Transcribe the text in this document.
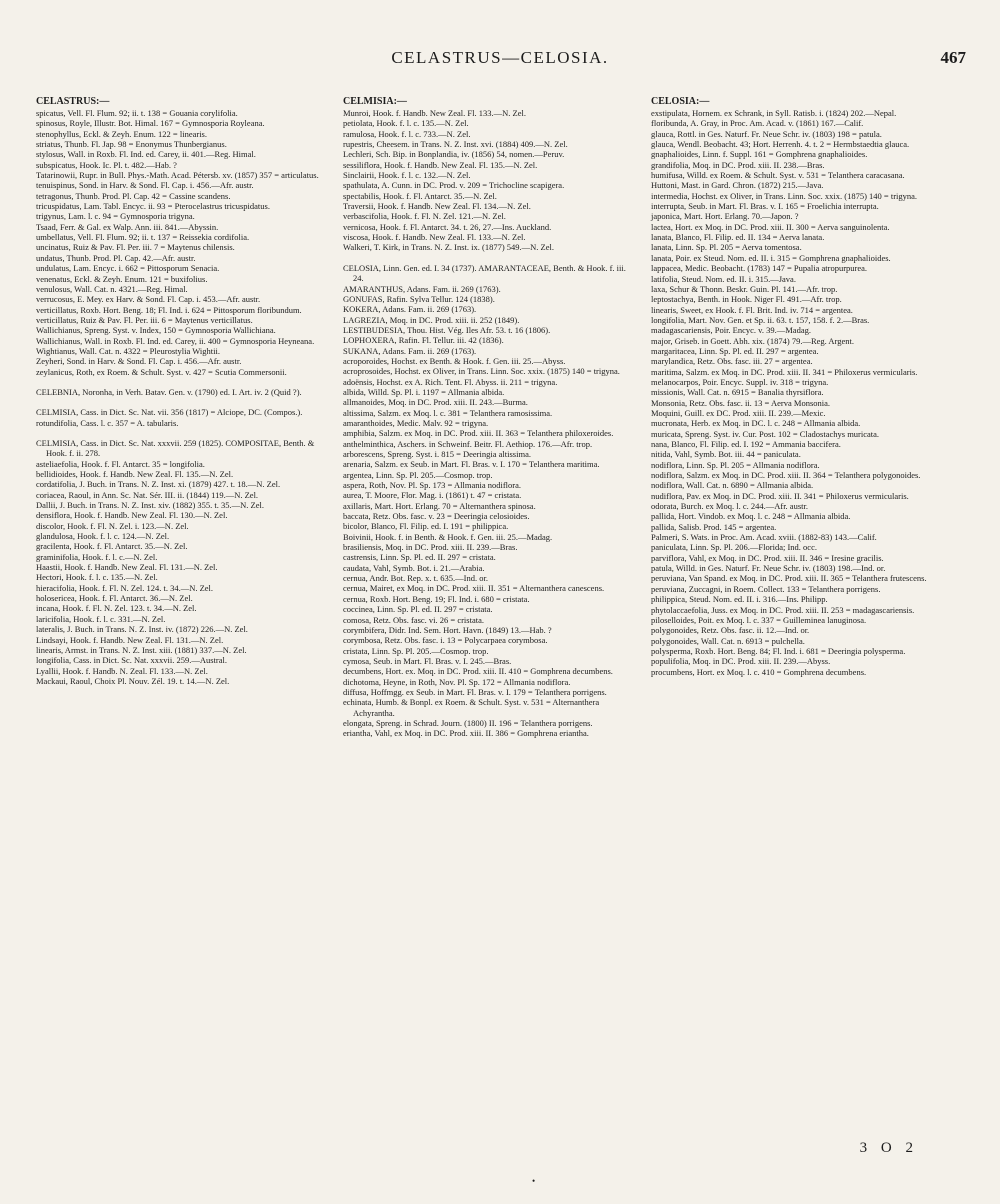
CELASTRUS—CELOSIA.	467

CELASTRUS:—

spicatus, Vell. Fl. Flum. 92; ii. t. 138 = Gouania corylifolia.

spinosus, Royle, Illustr. Bot. Himal. 167 = Gymnosporia Royleana.

stenophyllus, Eckl. & Zeyh. Enum. 122 = linearis.

striatus, Thunb. Fl. Jap. 98 = Enonymus Thunbergianus.

stylosus, Wall. in Roxb. Fl. Ind. ed. Carey, ii. 401.—Reg. Himal.

subspicatus, Hook. Ic. Pl. t. 482.—Hab. ?

Tatarinowii, Rupr. in Bull. Phys.-Math. Acad. Pétersb. xv. (1857) 357 = articulatus.

tenuispinus, Sond. in Harv. & Sond. Fl. Cap. i. 456.—Afr. austr.

tetragonus, Thunb. Prod. Pl. Cap. 42 = Cassine scandens.

tricuspidatus, Lam. Tabl. Encyc. ii. 93 = Pterocelastrus tricuspidatus.

trigynus, Lam. l. c. 94 = Gymnosporia trigyna.

Tsaad, Ferr. & Gal. ex Walp. Ann. iii. 841.—Abyssin.

umbellatus, Vell. Fl. Flum. 92; ii. t. 137 = Reissekia cordifolia.

uncinatus, Ruiz & Pav. Fl. Per. iii. 7 = Maytenus chilensis.

undatus, Thunb. Prod. Pl. Cap. 42.—Afr. austr.

undulatus, Lam. Encyc. i. 662 = Pittosporum Senacia.

venenatus, Eckl. & Zeyh. Enum. 121 = buxifolius.

venulosus, Wall. Cat. n. 4321.—Reg. Himal.

verrucosus, E. Mey. ex Harv. & Sond. Fl. Cap. i. 453.—Afr. austr.

verticillatus, Roxb. Hort. Beng. 18; Fl. Ind. i. 624 = Pittosporum floribundum.

verticillatus, Ruiz & Pav. Fl. Per. iii. 6 = Maytenus verticillatus.

Wallichianus, Spreng. Syst. v. Index, 150 = Gymnosporia Wallichiana.

Wallichianus, Wall. in Roxb. Fl. Ind. ed. Carey, ii. 400 = Gymnosporia Heyneana.

Wightianus, Wall. Cat. n. 4322 = Pleurostylia Wightii.

Zeyheri, Sond. in Harv. & Sond. Fl. Cap. i. 456.—Afr. austr.

zeylanicus, Roth, ex Roem. & Schult. Syst. v. 427 = Scutia Commersonii.

CELEBNIA, Noronha, in Verh. Batav. Gen. v. (1790) ed. I. Art. iv. 2 (Quid ?).

CELMISIA, Cass. in Dict. Sc. Nat. vii. 356 (1817) = Alciope, DC. (Compos.).

rotundifolia, Cass. l. c. 357 = A. tabularis.

CELMISIA, Cass. in Dict. Sc. Nat. xxxvii. 259 (1825). COMPOSITAE, Benth. & Hook. f. ii. 278.

asteliaefolia, Hook. f. Fl. Antarct. 35 = longifolia.

bellidioides, Hook. f. Handb. New Zeal. Fl. 135.—N. Zel.

cordatifolia, J. Buch. in Trans. N. Z. Inst. xi. (1879) 427. t. 18.—N. Zel.

coriacea, Raoul, in Ann. Sc. Nat. Sér. III. ii. (1844) 119.—N. Zel.

Dallii, J. Buch. in Trans. N. Z. Inst. xiv. (1882) 355. t. 35.—N. Zel.

densiflora, Hook. f. Handb. New Zeal. Fl. 130.—N. Zel.

discolor, Hook. f. Fl. N. Zel. i. 123.—N. Zel.

glandulosa, Hook. f. l. c. 124.—N. Zel.

gracilenta, Hook. f. Fl. Antarct. 35.—N. Zel.

graminifolia, Hook. f. l. c.—N. Zel.

Haastii, Hook. f. Handb. New Zeal. Fl. 131.—N. Zel.

Hectori, Hook. f. l. c. 135.—N. Zel.

hieracifolia, Hook. f. Fl. N. Zel. 124. t. 34.—N. Zel.

holosericea, Hook. f. Fl. Antarct. 36.—N. Zel.

incana, Hook. f. Fl. N. Zel. 123. t. 34.—N. Zel.

laricifolia, Hook. f. l. c. 331.—N. Zel.

lateralis, J. Buch. in Trans. N. Z. Inst. iv. (1872) 226.—N. Zel.

Lindsayi, Hook. f. Handb. New Zeal. Fl. 131.—N. Zel.

linearis, Armst. in Trans. N. Z. Inst. xiii. (1881) 337.—N. Zel.

longifolia, Cass. in Dict. Sc. Nat. xxxvii. 259.—Austral.

Lyallii, Hook. f. Handb. N. Zeal. Fl. 133.—N. Zel.

Mackaui, Raoul, Choix Pl. Nouv. Zél. 19. t. 14.—N. Zel.

CELMISIA:—

Munroi, Hook. f. Handb. New Zeal. Fl. 133.—N. Zel.

petiolata, Hook. f. l. c. 135.—N. Zel.

ramulosa, Hook. f. l. c. 733.—N. Zel.

rupestris, Cheesem. in Trans. N. Z. Inst. xvi. (1884) 409.—N. Zel.

Lechleri, Sch. Bip. in Bonplandia, iv. (1856) 54, nomen.—Peruv.

sessiliflora, Hook. f. Handb. New Zeal. Fl. 135.—N. Zel.

Sinclairii, Hook. f. l. c. 132.—N. Zel.

spathulata, A. Cunn. in DC. Prod. v. 209 = Trichocline scapigera.

spectabilis, Hook. f. Fl. Antarct. 35.—N. Zel.

Traversii, Hook. f. Handb. New Zeal. Fl. 134.—N. Zel.

verbascifolia, Hook. f. Fl. N. Zel. 121.—N. Zel.

vernicosa, Hook. f. Fl. Antarct. 34. t. 26, 27.—Ins. Auckland.

viscosa, Hook. f. Handb. New Zeal. Fl. 133.—N. Zel.

Walkeri, T. Kirk, in Trans. N. Z. Inst. ix. (1877) 549.—N. Zel.

CELOSIA, Linn. Gen. ed. I. 34 (1737). AMARANTACEAE, Benth. & Hook. f. iii. 24.

AMARANTHUS, Adans. Fam. ii. 269 (1763).

GONUFAS, Rafin. Sylva Tellur. 124 (1838).

KOKERA, Adans. Fam. ii. 269 (1763).

LAGREZIA, Moq. in DC. Prod. xiii. ii. 252 (1849).

LESTIBUDESIA, Thou. Hist. Vég. Iles Afr. 53. t. 16 (1806).

LOPHOXERA, Rafin. Fl. Tellur. iii. 42 (1836).

SUKANA, Adans. Fam. ii. 269 (1763).

acroporoides, Hochst. ex Benth. & Hook. f. Gen. iii. 25.—Abyss.

acroprosoides, Hochst. ex Oliver, in Trans. Linn. Soc. xxix. (1875) 140 = trigyna.

adoënsis, Hochst. ex A. Rich. Tent. Fl. Abyss. ii. 211 = trigyna.

albida, Willd. Sp. Pl. i. 1197 = Allmania albida.

allmanoides, Moq. in DC. Prod. xiii. II. 243.—Burma.

altissima, Salzm. ex Moq. l. c. 381 = Telanthera ramosissima.

amaranthoides, Medic. Malv. 92 = trigyna.

amphibia, Salzm. ex Moq. in DC. Prod. xiii. II. 363 = Telanthera philoxeroides.

anthelminthica, Aschers. in Schweinf. Beitr. Fl. Aethiop. 176.—Afr. trop.

arborescens, Spreng. Syst. i. 815 = Deeringia altissima.

arenaria, Salzm. ex Seub. in Mart. Fl. Bras. v. I. 170 = Telanthera maritima.

argentea, Linn. Sp. Pl. 205.—Cosmop. trop.

aspera, Roth, Nov. Pl. Sp. 173 = Allmania nodiflora.

aurea, T. Moore, Flor. Mag. i. (1861) t. 47 = cristata.

axillaris, Mart. Hort. Erlang. 70 = Alternanthera spinosa.

baccata, Retz. Obs. fasc. v. 23 = Deeringia celosioides.

bicolor, Blanco, Fl. Filip. ed. I. 191 = philippica.

Boivinii, Hook. f. in Benth. & Hook. f. Gen. iii. 25.—Madag.

brasiliensis, Moq. in DC. Prod. xiii. II. 239.—Bras.

castrensis, Linn. Sp. Pl. ed. II. 297 = cristata.

caudata, Vahl, Symb. Bot. i. 21.—Arabia.

cernua, Andr. Bot. Rep. x. t. 635.—Ind. or.

cernua, Mairet, ex Moq. in DC. Prod. xiii. II. 351 = Alternanthera canescens.

cernua, Roxb. Hort. Beng. 19; Fl. Ind. i. 680 = cristata.

coccinea, Linn. Sp. Pl. ed. II. 297 = cristata.

comosa, Retz. Obs. fasc. vi. 26 = cristata.

corymbifera, Didr. Ind. Sem. Hort. Havn. (1849) 13.—Hab. ?

corymbosa, Retz. Obs. fasc. i. 13 = Polycarpaea corymbosa.

cristata, Linn. Sp. Pl. 205.—Cosmop. trop.

cymosa, Seub. in Mart. Fl. Bras. v. I. 245.—Bras.

decumbens, Hort. ex. Moq. in DC. Prod. xiii. II. 410 = Gomphrena decumbens.

dichotoma, Heyne, in Roth, Nov. Pl. Sp. 172 = Allmania nodiflora.

diffusa, Hoffmgg. ex Seub. in Mart. Fl. Bras. v. I. 179 = Telanthera porrigens.

echinata, Humb. & Bonpl. ex Roem. & Schult. Syst. v. 531 = Alternanthera Achyrantha.

elongata, Spreng. in Schrad. Journ. (1800) II. 196 = Telanthera porrigens.

eriantha, Vahl, ex Moq. in DC. Prod. xiii. II. 386 = Gomphrena eriantha.

CELOSIA:—

exstipulata, Hornem. ex Schrank, in Syll. Ratisb. i. (1824) 202.—Nepal.

floribunda, A. Gray, in Proc. Am. Acad. v. (1861) 167.—Calif.

glauca, Rottl. in Ges. Naturf. Fr. Neue Schr. iv. (1803) 198 = patula.

glauca, Wendl. Beobacht. 43; Hort. Herrenh. 4. t. 2 = Hermbstaedtia glauca.

gnaphalioides, Linn. f. Suppl. 161 = Gomphrena gnaphalioides.

grandifolia, Moq. in DC. Prod. xiii. II. 238.—Bras.

humifusa, Willd. ex Roem. & Schult. Syst. v. 531 = Telanthera caracasana.

Huttoni, Mast. in Gard. Chron. (1872) 215.—Java.

intermedia, Hochst. ex Oliver, in Trans. Linn. Soc. xxix. (1875) 140 = trigyna.

interrupta, Seub. in Mart. Fl. Bras. v. I. 165 = Froelichia interrupta.

japonica, Mart. Hort. Erlang. 70.—Japon. ?

lactea, Hort. ex Moq. in DC. Prod. xiii. II. 300 = Aerva sanguinolenta.

lanata, Blanco, Fl. Filip. ed. II. 134 = Aerva lanata.

lanata, Linn. Sp. Pl. 205 = Aerva tomentosa.

lanata, Poir. ex Steud. Nom. ed. II. i. 315 = Gomphrena gnaphalioides.

lappacea, Medic. Beobacht. (1783) 147 = Pupalia atropurpurea.

latifolia, Steud. Nom. ed. II. i. 315.—Java.

laxa, Schur & Thonn. Beskr. Guin. Pl. 141.—Afr. trop.

leptostachya, Benth. in Hook. Niger Fl. 491.—Afr. trop.

linearis, Sweet, ex Hook. f. Fl. Brit. Ind. iv. 714 = argentea.

longifolia, Mart. Nov. Gen. et Sp. ii. 63. t. 157, 158. f. 2.—Bras.

madagascariensis, Poir. Encyc. v. 39.—Madag.

major, Griseb. in Goett. Abh. xix. (1874) 79.—Reg. Argent.

margaritacea, Linn. Sp. Pl. ed. II. 297 = argentea.

marylandica, Retz. Obs. fasc. iii. 27 = argentea.

maritima, Salzm. ex Moq. in DC. Prod. xiii. II. 341 = Philoxerus vermicularis.

melanocarpos, Poir. Encyc. Suppl. iv. 318 = trigyna.

missionis, Wall. Cat. n. 6915 = Banalia thyrsiflora.

Monsonia, Retz. Obs. fasc. ii. 13 = Aerva Monsonia.

Moquini, Guill. ex DC. Prod. xiii. II. 239.—Mexic.

mucronata, Herb. ex Moq. in DC. l. c. 248 = Allmania albida.

muricata, Spreng. Syst. iv. Cur. Post. 102 = Cladostachys muricata.

nana, Blanco, Fl. Filip. ed. I. 192 = Ammania baccifera.

nitida, Vahl, Symb. Bot. iii. 44 = paniculata.

nodiflora, Linn. Sp. Pl. 205 = Allmania nodiflora.

nodiflora, Salzm. ex Moq. in DC. Prod. xiii. II. 364 = Telanthera polygonoides.

nodiflora, Wall. Cat. n. 6890 = Allmania albida.

nudiflora, Pav. ex Moq. in DC. Prod. xiii. II. 341 = Philoxerus vermicularis.

odorata, Burch. ex Moq. l. c. 244.—Afr. austr.

pallida, Hort. Vindob. ex Moq. l. c. 248 = Allmania albida.

pallida, Salisb. Prod. 145 = argentea.

Palmeri, S. Wats. in Proc. Am. Acad. xviii. (1882-83) 143.—Calif.

paniculata, Linn. Sp. Pl. 206.—Florida; Ind. occ.

parviflora, Vahl, ex Moq. in DC. Prod. xiii. II. 346 = Iresine gracilis.

patula, Willd. in Ges. Naturf. Fr. Neue Schr. iv. (1803) 198.—Ind. or.

peruviana, Van Spand. ex Moq. in DC. Prod. xiii. II. 365 = Telanthera frutescens.

peruviana, Zuccagni, in Roem. Collect. 133 = Telanthera porrigens.

philippica, Steud. Nom. ed. II. i. 316.—Ins. Philipp.

phytolaccaefolia, Juss. ex Moq. in DC. Prod. xiii. II. 253 = madagascariensis.

piloselloides, Poit. ex Moq. l. c. 337 = Guilleminea lanuginosa.

polygonoides, Retz. Obs. fasc. ii. 12.—Ind. or.

polygonoides, Wall. Cat. n. 6913 = pulchella.

polysperma, Roxb. Hort. Beng. 84; Fl. Ind. i. 681 = Deeringia polysperma.

populifolia, Moq. in DC. Prod. xiii. II. 239.—Abyss.

procumbens, Hort. ex Moq. l. c. 410 = Gomphrena decumbens.

3 O 2
•
